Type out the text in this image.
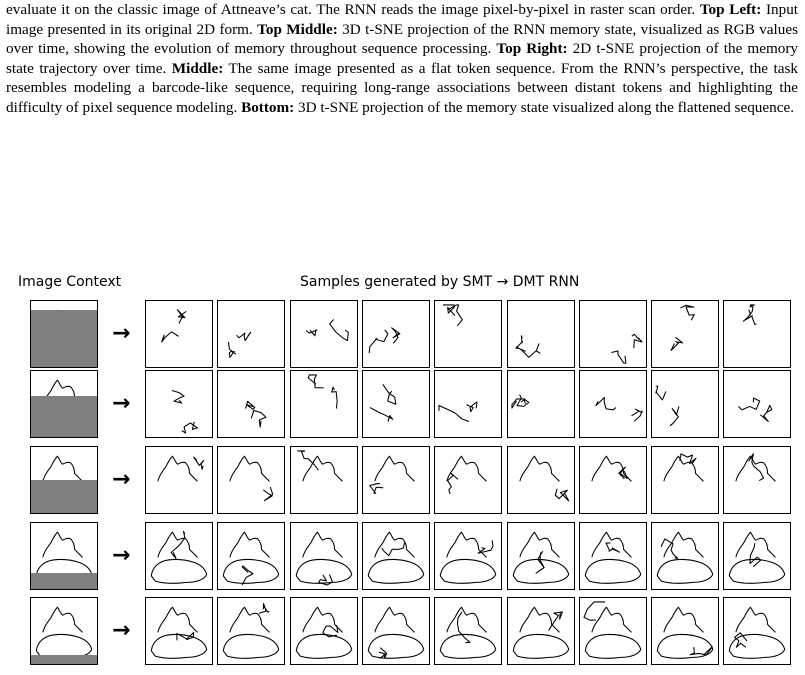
evaluate it on the classic image of Attneave’s cat. The RNN reads the image pixel-by-pixel in raster scan order. Top Left: Input image presented in its original 2D form. Top Middle: 3D t-SNE projection of the RNN memory state, visualized as RGB values over time, showing the evolution of memory throughout sequence processing. Top Right: 2D t-SNE projection of the memory state trajectory over time. Middle: The same image presented as a flat token sequence. From the RNN’s perspective, the task resembles modeling a barcode-like sequence, requiring long-range associations between distant tokens and highlighting the difficulty of pixel sequence modeling. Bottom: 3D t-SNE projection of the memory state visualized along the flattened sequence.
Image Context	Samples generated by SMT → DMT RNN
→
→
→
→
→
